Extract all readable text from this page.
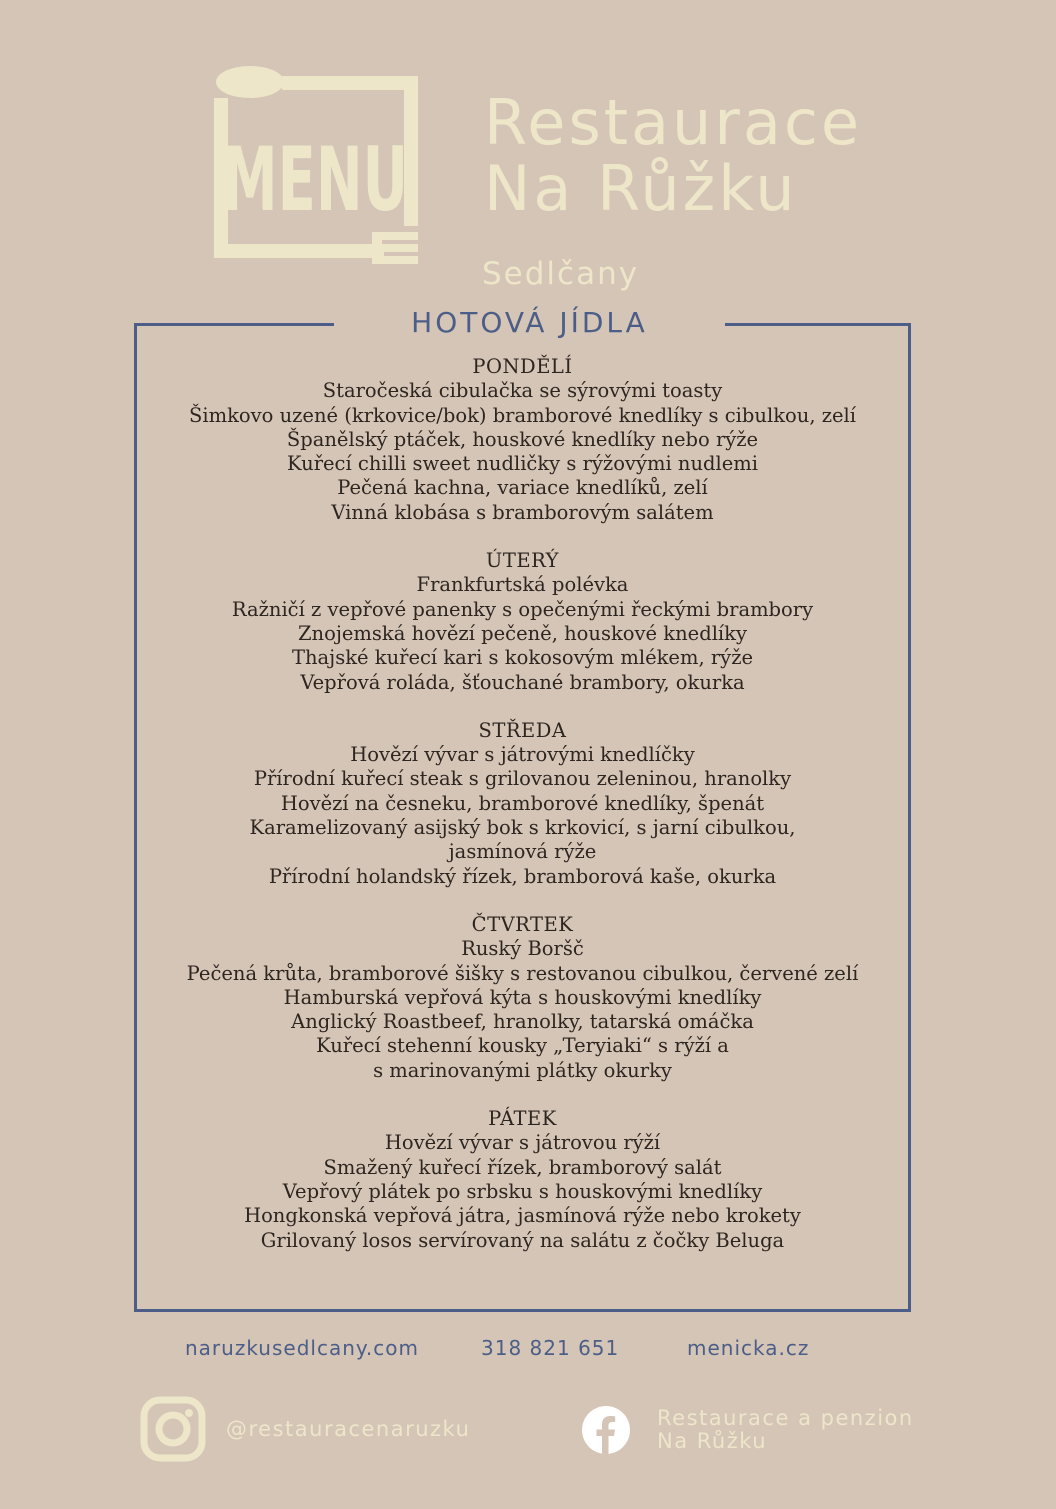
MENU
Restaurace
Na Růžku
Sedlčany
HOTOVÁ JÍDLA
PONDĚLÍ
Staročeská cibulačka se sýrovými toasty
Šimkovo uzené (krkovice/bok) bramborové knedlíky s cibulkou, zelí
Španělský ptáček, houskové knedlíky nebo rýže
Kuřecí chilli sweet nudličky s rýžovými nudlemi
Pečená kachna, variace knedlíků, zelí
Vinná klobása s bramborovým salátem
ÚTERÝ
Frankfurtská polévka
Ražničí z vepřové panenky s opečenými řeckými brambory
Znojemská hovězí pečeně, houskové knedlíky
Thajské kuřecí kari s kokosovým mlékem, rýže
Vepřová roláda, šťouchané brambory, okurka
STŘEDA
Hovězí vývar s játrovými knedlíčky
Přírodní kuřecí steak s grilovanou zeleninou, hranolky
Hovězí na česneku, bramborové knedlíky, špenát
Karamelizovaný asijský bok s krkovicí, s jarní cibulkou,
jasmínová rýže
Přírodní holandský řízek, bramborová kaše, okurka
ČTVRTEK
Ruský Boršč
Pečená krůta, bramborové šišky s restovanou cibulkou, červené zelí
Hamburská vepřová kýta s houskovými knedlíky
Anglický Roastbeef, hranolky, tatarská omáčka
Kuřecí stehenní kousky „Teryiaki“ s rýží a
s marinovanými plátky okurky
PÁTEK
Hovězí vývar s játrovou rýží
Smažený kuřecí řízek, bramborový salát
Vepřový plátek po srbsku s houskovými knedlíky
Hongkonská vepřová játra, jasmínová rýže nebo krokety
Grilovaný losos servírovaný na salátu z čočky Beluga
naruzkusedlcany.com	318 821 651	menicka.cz
@restauracenaruzku	Restaurace a penzion
Na Růžku
